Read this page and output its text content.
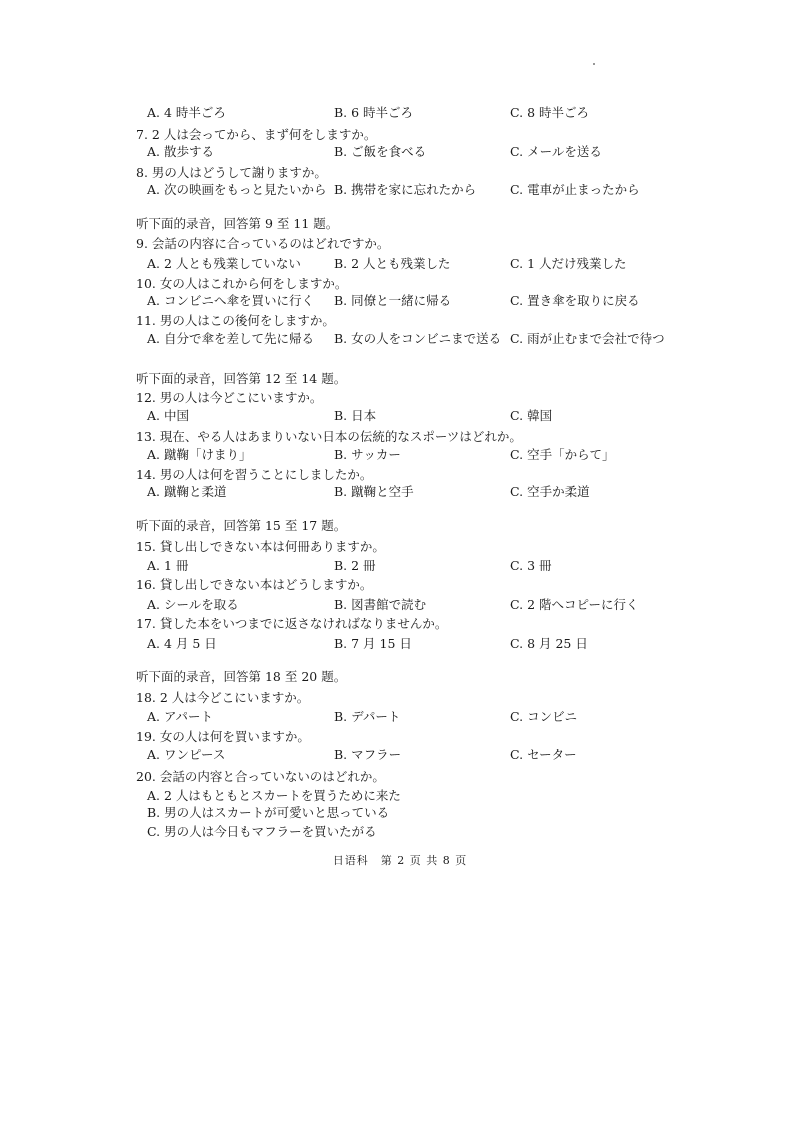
A. 4 時半ごろ	B. 6 時半ごろ	C. 8 時半ごろ
7. 2 人は会ってから、まず何をしますか。
A. 散歩する	B. ご飯を食べる	C. メールを送る
8. 男の人はどうして謝りますか。
A. 次の映画をもっと見たいから B. 携帯を家に忘れたから	C. 電車が止まったから
听下面的录音，回答第 9 至 11 题。
9. 会話の内容に合っているのはどれですか。
A. 2 人とも残業していない	B. 2 人とも残業した	C. 1 人だけ残業した
10. 女の人はこれから何をしますか。
A. コンビニへ傘を買いに行く B. 同僚と一緒に帰る	C. 置き傘を取りに戻る
11. 男の人はこの後何をしますか。
A. 自分で傘を差して先に帰る B. 女の人をコンビニまで送る C. 雨が止むまで会社で待つ
听下面的录音，回答第 12 至 14 题。
12. 男の人は今どこにいますか。
A. 中国	B. 日本	C. 韓国
13. 現在、やる人はあまりいない日本の伝統的なスポーツはどれか。
A. 蹴鞠「けまり」	B. サッカー	C. 空手「からて」
14. 男の人は何を習うことにしましたか。
A. 蹴鞠と柔道	B. 蹴鞠と空手	C. 空手か柔道
听下面的录音，回答第 15 至 17 题。
15. 貸し出しできない本は何冊ありますか。
A. 1 冊	B. 2 冊	C. 3 冊
16. 貸し出しできない本はどうしますか。
A. シールを取る	B. 図書館で読む	C. 2 階へコピーに行く
17. 貸した本をいつまでに返さなければなりませんか。
A. 4 月 5 日	B. 7 月 15 日	C. 8 月 25 日
听下面的录音，回答第 18 至 20 题。
18. 2 人は今どこにいますか。
A. アパート	B. デパート	C. コンビニ
19. 女の人は何を買いますか。
A. ワンピース	B. マフラー	C. セーター
20. 会話の内容と合っていないのはどれか。
A. 2 人はもともとスカートを買うために来た
B. 男の人はスカートが可愛いと思っている
C. 男の人は今日もマフラーを買いたがる
日语科　第 2 页 共 8 页
